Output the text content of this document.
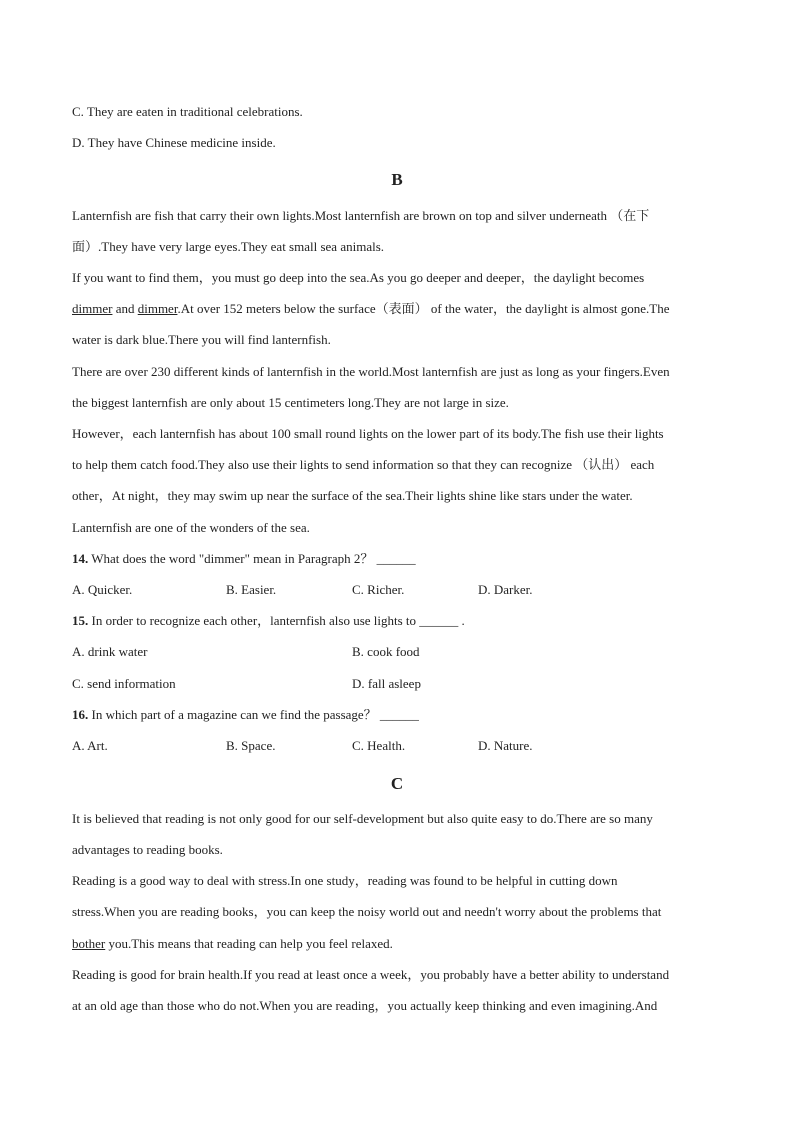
C. They are eaten in traditional celebrations.
D. They have Chinese medicine inside.
B
Lanternfish are fish that carry their own lights.Most lanternfish are brown on top and silver underneath （在下
面）.They have very large eyes.They eat small sea animals.
If you want to find them，you must go deep into the sea.As you go deeper and deeper，the daylight becomes
dimmer and dimmer.At over 152 meters below the surface（表面） of the water，the daylight is almost gone.The
water is dark blue.There you will find lanternfish.
There are over 230 different kinds of lanternfish in the world.Most lanternfish are just as long as your fingers.Even
the biggest lanternfish are only about 15 centimeters long.They are not large in size.
However，each lanternfish has about 100 small round lights on the lower part of its body.The fish use their lights
to help them catch food.They also use their lights to send information so that they can recognize （认出） each
other，At night，they may swim up near the surface of the sea.Their lights shine like stars under the water.
Lanternfish are one of the wonders of the sea.
14. What does the word "dimmer" mean in Paragraph 2？ ______
A. Quicker.	B. Easier.	C. Richer.	D. Darker.
15. In order to recognize each other，lanternfish also use lights to ______ .
A. drink water	B. cook food
C. send information	D. fall asleep
16. In which part of a magazine can we find the passage？ ______
A. Art.	B. Space.	C. Health.	D. Nature.
C
It is believed that reading is not only good for our self-development but also quite easy to do.There are so many
advantages to reading books.
Reading is a good way to deal with stress.In one study，reading was found to be helpful in cutting down
stress.When you are reading books，you can keep the noisy world out and needn't worry about the problems that
bother you.This means that reading can help you feel relaxed.
Reading is good for brain health.If you read at least once a week，you probably have a better ability to understand
at an old age than those who do not.When you are reading，you actually keep thinking and even imagining.And
